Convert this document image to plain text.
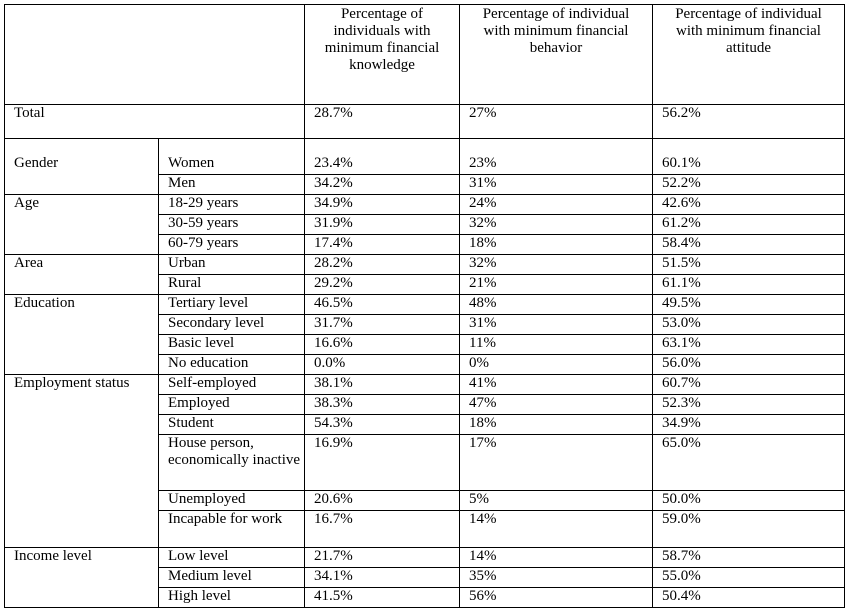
		Percentage of individuals with minimum financial knowledge	Percentage of individual with minimum financial behavior	Percentage of individual with minimum financial attitude
Total		28.7%	27%	56.2%
Gender	Women	23.4%	23%	60.1%
	Men	34.2%	31%	52.2%
Age	18-29 years	34.9%	24%	42.6%
	30-59 years	31.9%	32%	61.2%
	60-79 years	17.4%	18%	58.4%
Area	Urban	28.2%	32%	51.5%
	Rural	29.2%	21%	61.1%
Education	Tertiary level	46.5%	48%	49.5%
	Secondary level	31.7%	31%	53.0%
	Basic level	16.6%	11%	63.1%
	No education	0.0%	0%	56.0%
Employment status	Self-employed	38.1%	41%	60.7%
	Employed	38.3%	47%	52.3%
	Student	54.3%	18%	34.9%
	House person, economically inactive	16.9%	17%	65.0%
	Unemployed	20.6%	5%	50.0%
	Incapable for work	16.7%	14%	59.0%
Income level	Low level	21.7%	14%	58.7%
	Medium level	34.1%	35%	55.0%
	High level	41.5%	56%	50.4%
